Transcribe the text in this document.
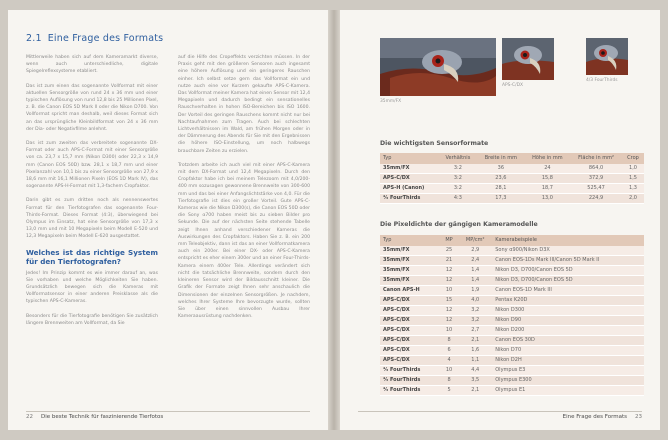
2.1 Eine Frage des Formats

Mittlerweile haben sich auf dem Kameramarkt diverse, wenn auch unterschiedliche, digitale Spiegelreflexsysteme etabliert.

Das ist zum einen das sogenannte Vollformat mit einer aktuellen Sensorgröße von rund 24 x 36 mm und einer typischen Auflösung von rund 12,8 bis 25 Millionen Pixel, z. B. die Canon EOS 5D Mark II oder die Nikon D700. Von Vollformat spricht man deshalb, weil dieses Format sich an das ursprüngliche Kleinbildformat von 24 x 36 mm der Dia- oder Negativfilme anlehnt.

Das ist zum zweiten das verbreitete sogenannte DX-Format oder auch APS-C-Format mit einer Sensorgröße von ca. 23,7 x 15,7 mm (Nikon D300) oder 22,3 x 14,9 mm (Canon EOS 50D) bzw. 28,1 x 18,7 mm und einer Pixelanzahl von 10,1 bis zu einer Sensorgröße von 27,9 x 18,6 mm mit 16,1 Millionen Pixeln (EOS 1D Mark IV), das sogenannte APS-H-Format mit 1,3-fachem Cropfaktor.

Darin gibt es zum dritten noch als nennenswertes Format für den Tierfotografen das sogenannte Four-Thirds-Format. Dieses Format (4:3), überwiegend bei Olympus im Einsatz, hat eine Sensorgröße von 17,3 x 13,0 mm und mit 10 Megapixeln beim Modell E-520 und 12,3 Megapixeln beim Modell E-620 ausgestattet.

Welches ist das richtige System für den Tierfotografen?

Jedes! Im Prinzip kommt es wie immer darauf an, was Sie vorhaben und welche Möglichkeiten Sie haben. Grundsätzlich bewegen sich die Kameras mit Vollformatsensor in einer anderen Preisklasse als die typischen APS-C-Kameras.

Besonders für die Tierfotografie benötigen Sie zusätzlich längere Brennweiten am Vollformat, da Sie

auf die Hilfe des Cropeffekts verzichten müssen. In der Praxis geht mit den größeren Sensoren auch ingesamt eine höhere Auflösung und ein geringeres Rauschen einher. Ich selbst setze gern das Vollformat ein und nutze auch eine vor Kurzem gekaufte APS-C-Kamera. Das Vollformat meiner Kamera hat einen Sensor mit 12,4 Megapixeln und dadurch bedingt ein sensationelles Rauschverhalten in hohen ISO-Bereichen bis ISO 1600. Der Vorteil des geringen Rauschens kommt nicht nur bei Nachtaufnahmen zum Tragen. Auch bei schlechten Lichtverhältnissen im Wald, am frühen Morgen oder in der Dämmerung des Abends für Sie mit den Ergebnissen die höhere ISO-Einstellung, um noch halbwegs brauchbare Zeiten zu erzielen.

Trotzdem arbeite ich auch viel mit einer APS-C-Kamera mit dem DX-Format und 12,4 Megapixeln. Durch den Cropfaktor habe ich bei meinem Telezoom mit 4,0/200-400 mm sozusagen gewonnene Brennweite von 300-600 mm und das bei einer Anfangslichtstärke von 4,0. Für die Tierfotografie ist dies ein großer Vorteil. Gute APS-C-Kameras wie die Nikon D300(s), die Canon EOS 50D oder die Sony α700 haben meist bis zu sieben Bilder pro Sekunde. Die auf der nächsten Seite stehende Tabelle zeigt Ihnen anhand verschiedener Kameras die Auswirkungen des Cropfaktors. Haben Sie z. B. ein 200 mm Teleobjektiv, dann ist das an einer Vollformatkamera auch ein 200er. Bei einer DX- oder APS-C-Kamera entspricht es eher einem 300er und an einer Four-Thirds-Kamera einem 400er Tele. Allerdings verändert sich nicht die tatsächliche Brennweite, sondern durch den kleineren Sensor wird der Bildausschnitt kleiner. Die Grafik der Formate zeigt Ihnen sehr anschaulich die Dimensionen der einzelnen Sensorgrößen. Je nachdem, welches Ihrer Systeme Ihre bevorzugte wurde, sollten Sie über einen sinnvollen Ausbau Ihrer Kameraausrüstung nachdenken.

22 Die beste Technik für faszinierende Tierfotos
35mm/FX
APS-C/DX
4/3 FourThirds
Die wichtigsten Sensorformate
Typ	Verhältnis	Breite in mm	Höhe in mm	Fläche in mm²	Crop
35mm/FX	3:2	36	24	864,0	1,0
APS-C/DX	3:2	23,6	15,8	372,9	1,5
APS-H (Canon)	3:2	28,1	18,7	525,47	1,3
⁴⁄₃ FourThirds	4:3	17,3	13,0	224,9	2,0
Die Pixeldichte der gängigen Kameramodelle
Typ	MP	MP/cm²	Kamerabeispiele
35mm/FX	25	2,9	Sony α900/Nikon D3X
35mm/FX	21	2,4	Canon EOS-1Ds Mark III/Canon 5D Mark II
35mm/FX	12	1,4	Nikon D3, D700/Canon EOS 5D
35mm/FX	12	1,4	Nikon D3, D700/Canon EOS 5D
Canon APS-H	10	1,9	Canon EOS-1D Mark III
APS-C/DX	15	4,0	Pentax K20D
APS-C/DX	12	3,2	Nikon D300
APS-C/DX	12	3,2	Nikon D90
APS-C/DX	10	2,7	Nikon D200
APS-C/DX	8	2,1	Canon EOS 30D
APS-C/DX	6	1,6	Nikon D70
APS-C/DX	4	1,1	Nikon D2H
⁴⁄₃ FourThirds	10	4,4	Olympus E3
⁴⁄₃ FourThirds	8	3,5	Olympus E300
⁴⁄₃ FourThirds	5	2,1	Olympus E1
Eine Frage des Formats 23
